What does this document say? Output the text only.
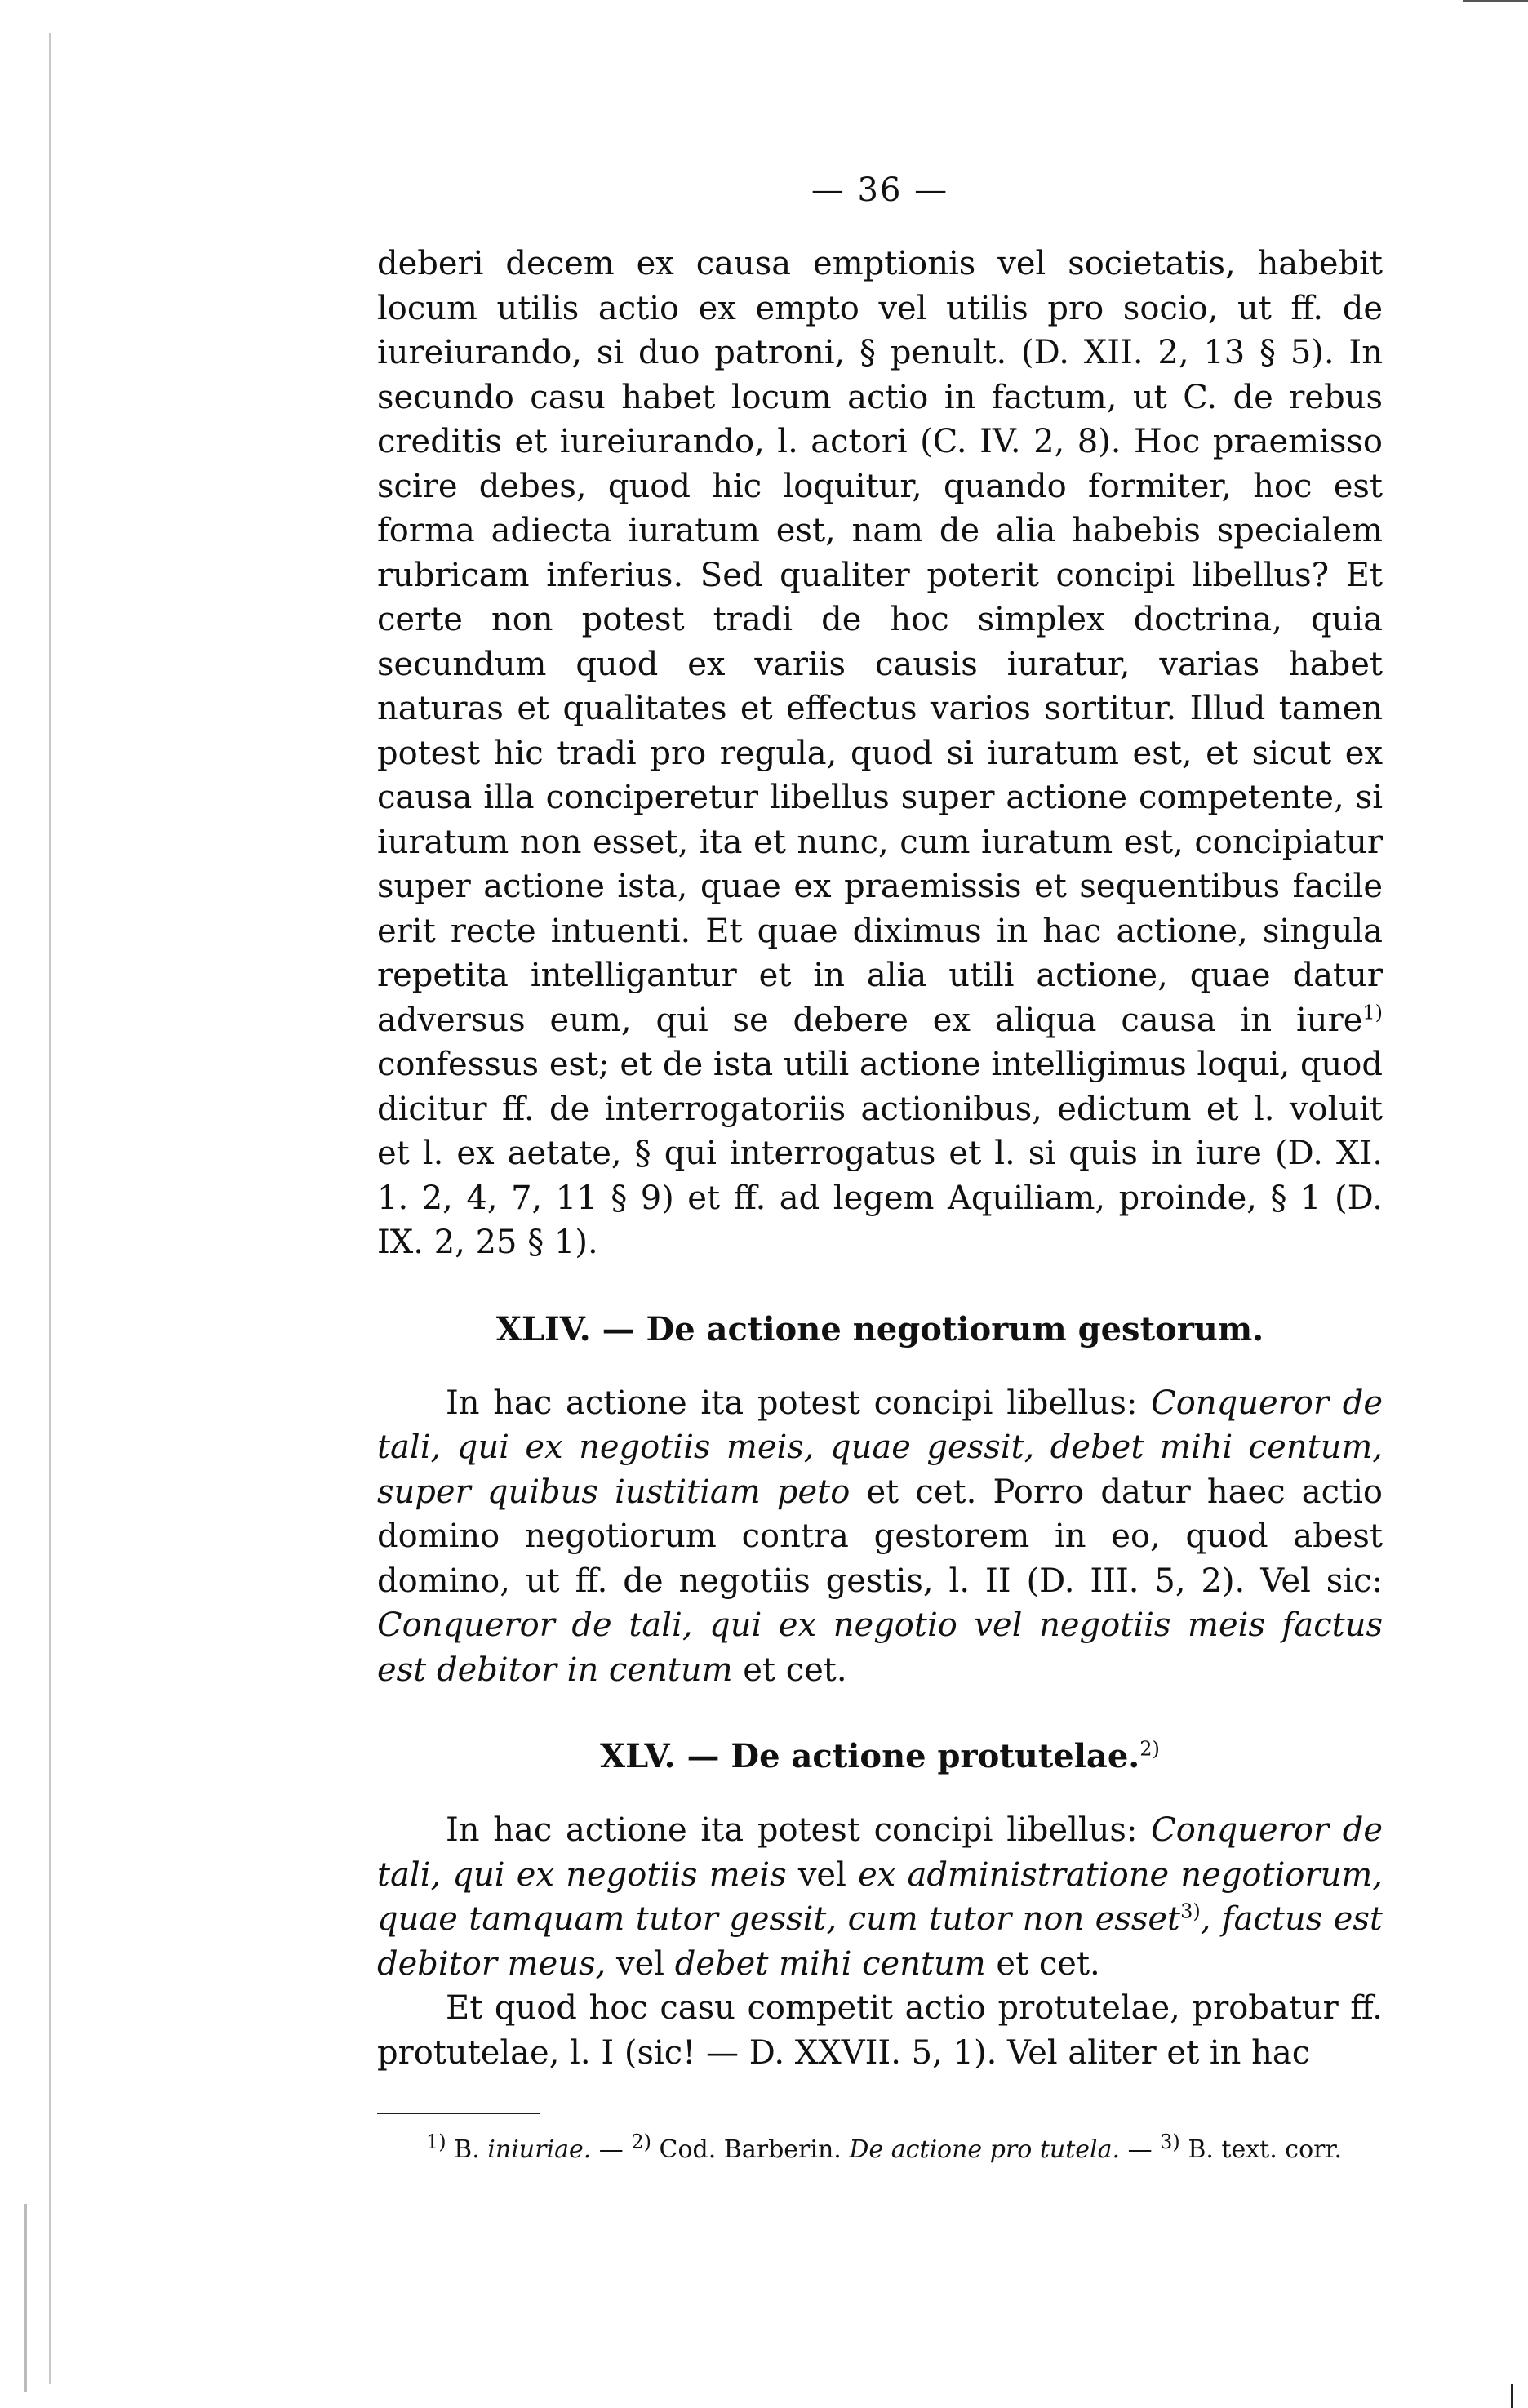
— 36 —

deberi decem ex causa emptionis vel societatis, habebit locum utilis actio ex empto vel utilis pro socio, ut ff. de iureiurando, si duo patroni, § penult. (D. XII. 2, 13 § 5). In secundo casu habet locum actio in factum, ut C. de rebus creditis et iureiurando, l. actori (C. IV. 2, 8). Hoc praemisso scire debes, quod hic loquitur, quando formiter, hoc est forma adiecta iuratum est, nam de alia habebis specialem rubricam inferius. Sed qualiter poterit concipi libellus? Et certe non potest tradi de hoc simplex doctrina, quia secundum quod ex variis causis iuratur, varias habet naturas et qualitates et effectus varios sortitur. Illud tamen potest hic tradi pro regula, quod si iuratum est, et sicut ex causa illa conciperetur libellus super actione competente, si iuratum non esset, ita et nunc, cum iuratum est, concipiatur super actione ista, quae ex praemissis et sequentibus facile erit recte intuenti. Et quae diximus in hac actione, singula repetita intelligantur et in alia utili actione, quae datur adversus eum, qui se debere ex aliqua causa in iure$^{1)}$ confessus est; et de ista utili actione intelligimus loqui, quod dicitur ff. de interrogatoriis actionibus, edictum et l. voluit et l. ex aetate, § qui interrogatus et l. si quis in iure (D. XI. 1. 2, 4, 7, 11 § 9) et ff. ad legem Aquiliam, proinde, § 1 (D. IX. 2, 25 § 1).

XLIV. — De actione negotiorum gestorum.

In hac actione ita potest concipi libellus: Conqueror de tali, qui ex negotiis meis, quae gessit, debet mihi centum, super quibus iustitiam peto et cet. Porro datur haec actio domino negotiorum contra gestorem in eo, quod abest domino, ut ff. de negotiis gestis, l. II (D. III. 5, 2). Vel sic: Conqueror de tali, qui ex negotio vel negotiis meis factus est debitor in centum et cet.

XLV. — De actione protutelae.$^{2)}$

In hac actione ita potest concipi libellus: Conqueror de tali, qui ex negotiis meis vel ex administratione negotiorum, quae tamquam tutor gessit, cum tutor non esset$^{3)}$, factus est debitor meus, vel debet mihi centum et cet.

Et quod hoc casu competit actio protutelae, probatur ff. protutelae, l. I (sic! — D. XXVII. 5, 1). Vel aliter et in hac

$^{1)}$ B. iniuriae. — $^{2)}$ Cod. Barberin. De actione pro tutela. — $^{3)}$ B. text. corr.
